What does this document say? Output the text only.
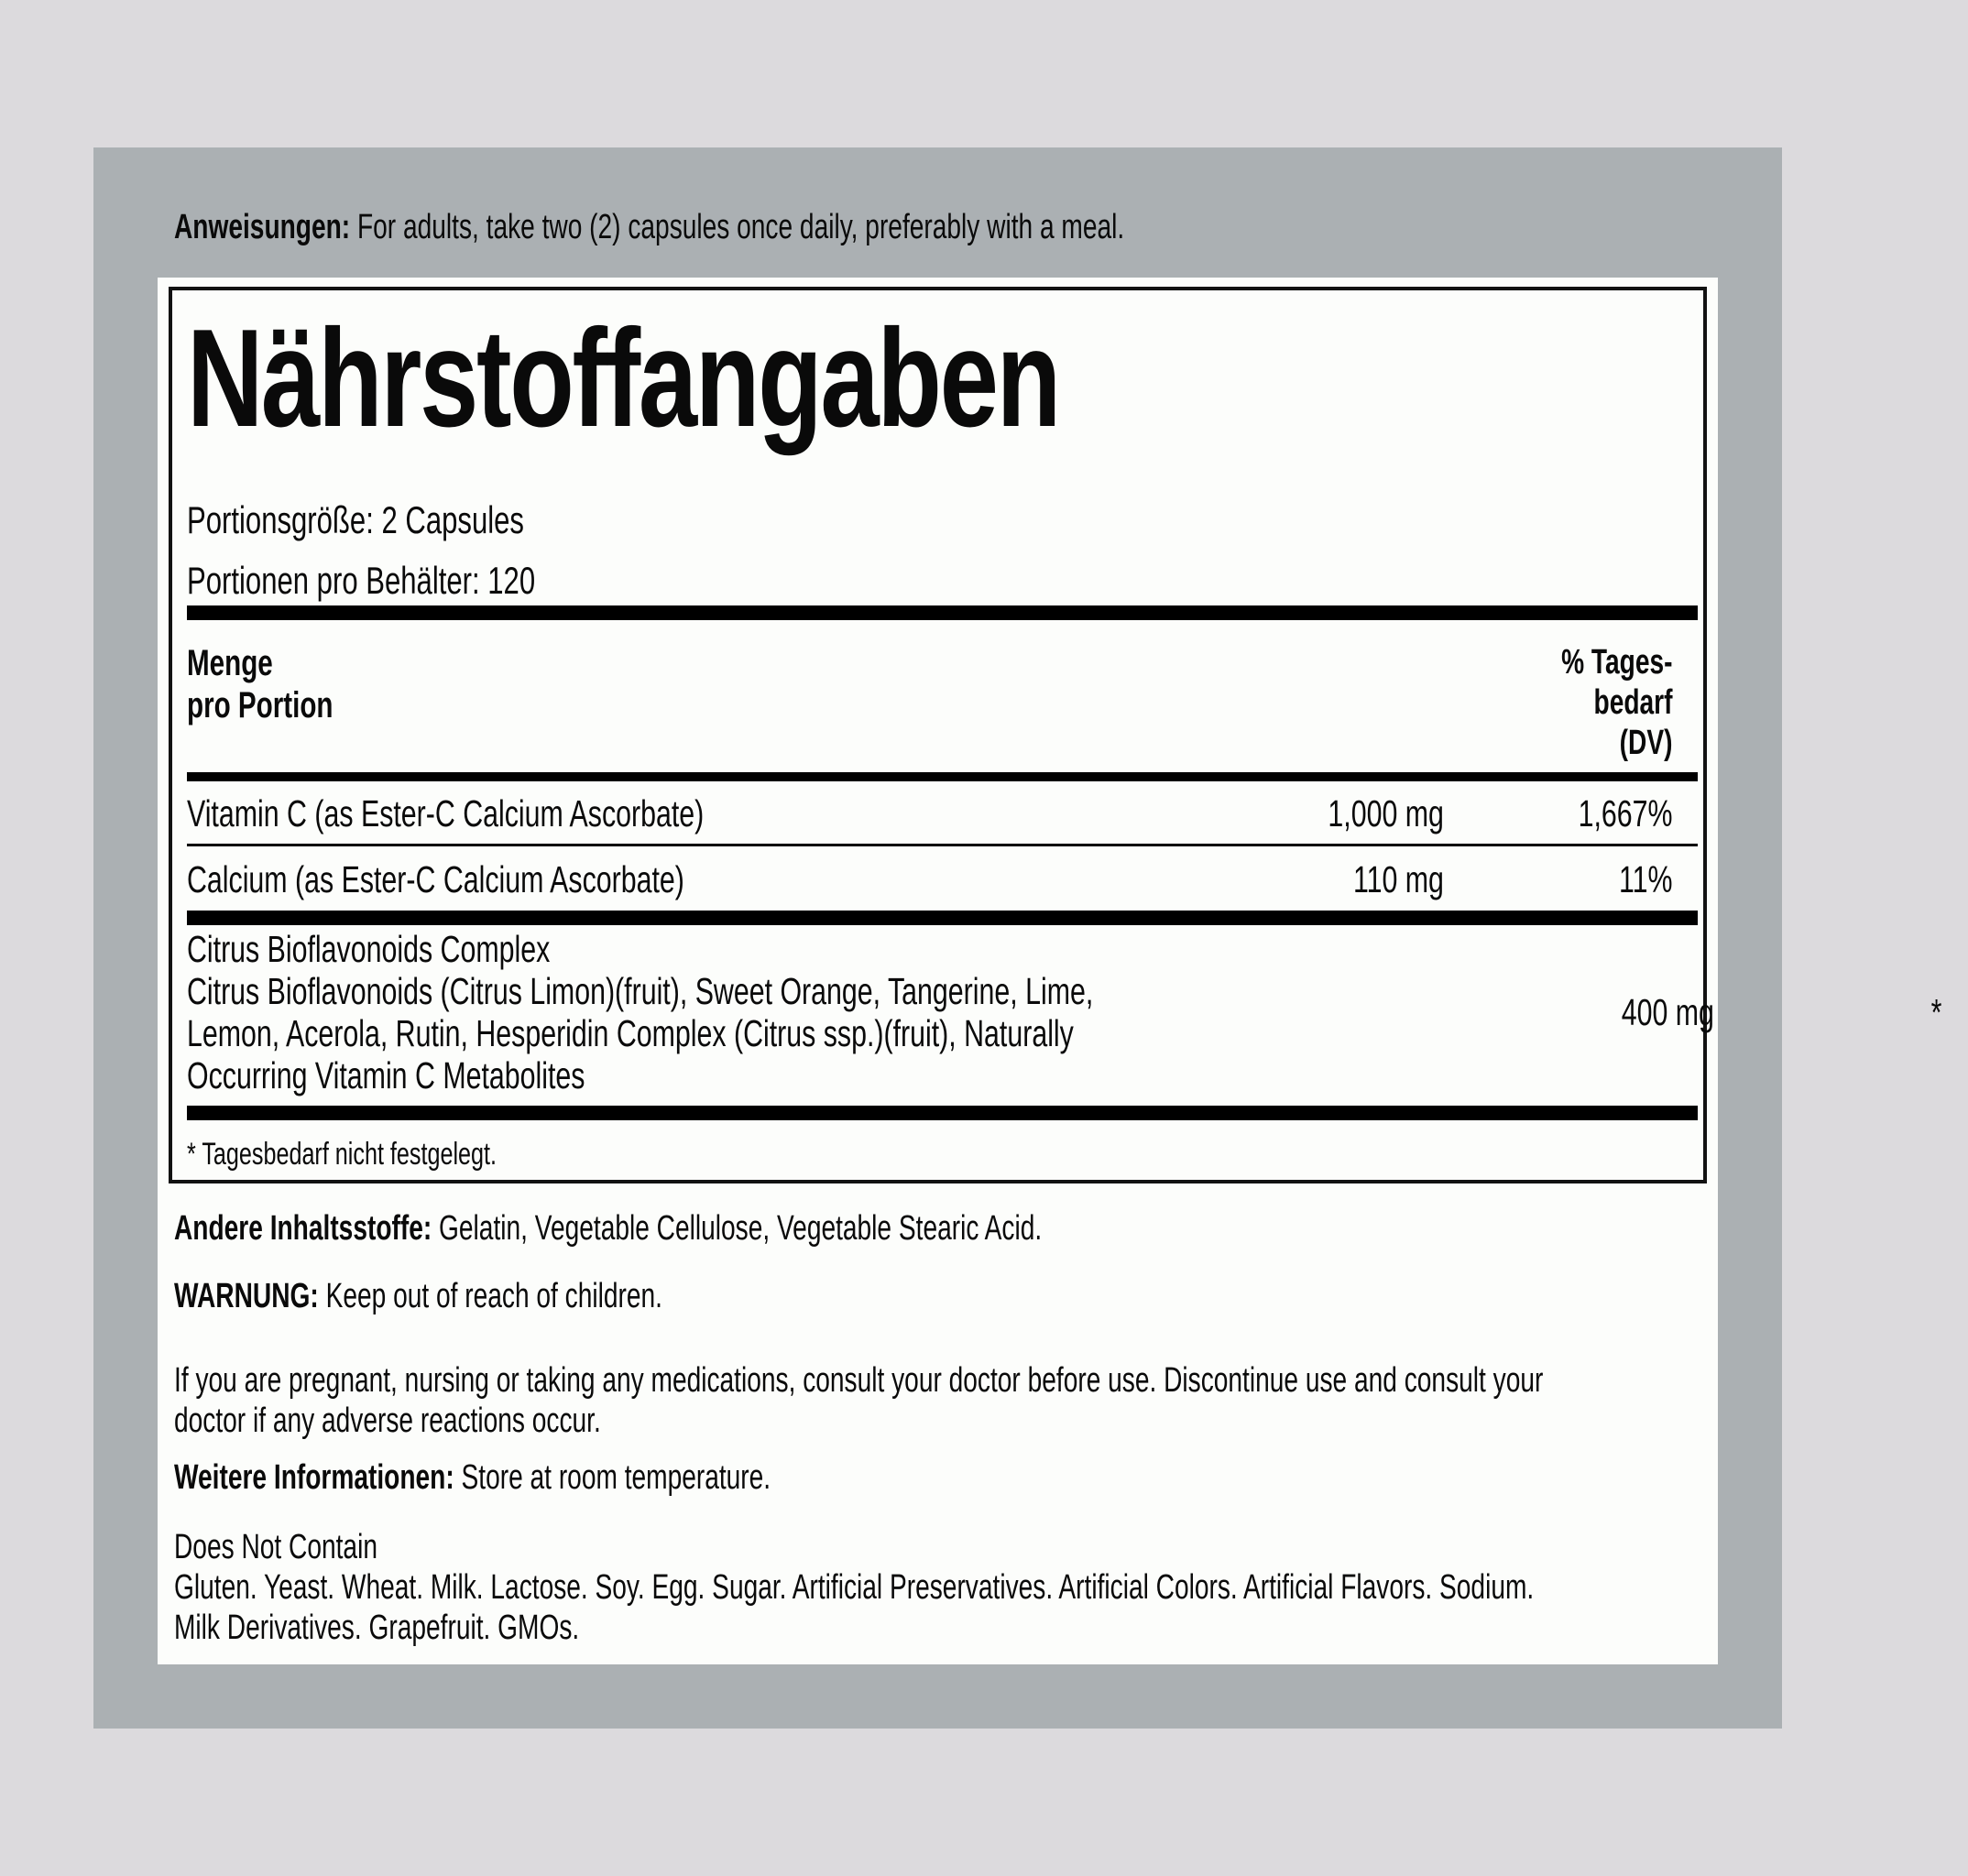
Anweisungen: For adults, take two (2) capsules once daily, preferably with a meal.
Nährstoffangaben
Portionsgröße: 2 Capsules
Portionen pro Behälter: 120
Menge
pro Portion
% Tages-
bedarf
(DV)
Vitamin C (as Ester-C Calcium Ascorbate)	1,000 mg	1,667%
Calcium (as Ester-C Calcium Ascorbate)	110 mg	11%
Citrus Bioflavonoids Complex
Citrus Bioflavonoids (Citrus Limon)(fruit), Sweet Orange, Tangerine, Lime,
Lemon, Acerola, Rutin, Hesperidin Complex (Citrus ssp.)(fruit), Naturally
Occurring Vitamin C Metabolites
400 mg	*
* Tagesbedarf nicht festgelegt.

Andere Inhaltsstoffe: Gelatin, Vegetable Cellulose, Vegetable Stearic Acid.

WARNUNG: Keep out of reach of children.

If you are pregnant, nursing or taking any medications, consult your doctor before use. Discontinue use and consult your
doctor if any adverse reactions occur.

Weitere Informationen: Store at room temperature.

Does Not Contain
Gluten. Yeast. Wheat. Milk. Lactose. Soy. Egg. Sugar. Artificial Preservatives. Artificial Colors. Artificial Flavors. Sodium.
Milk Derivatives. Grapefruit. GMOs.
